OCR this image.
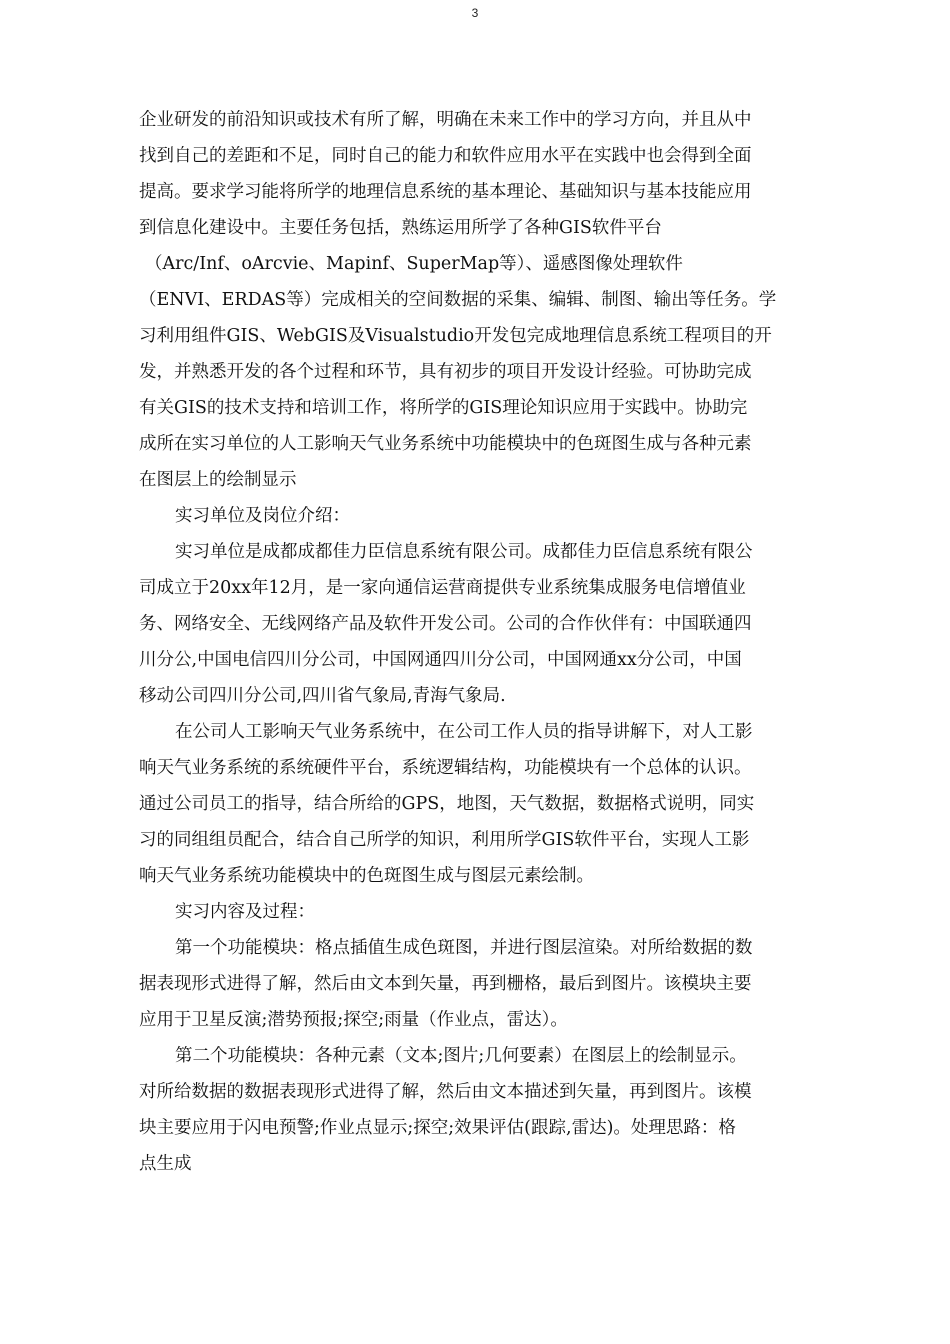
3
企业研发的前沿知识或技术有所了解，明确在未来工作中的学习方向，并且从中
找到自己的差距和不足，同时自己的能力和软件应用水平在实践中也会得到全面
提高。要求学习能将所学的地理信息系统的基本理论、基础知识与基本技能应用
到信息化建设中。主要任务包括，熟练运用所学了各种GIS软件平台
（Arc/Inf、oArcvie、Mapinf、SuperMap等）、遥感图像处理软件
（ENVI、ERDAS等）完成相关的空间数据的采集、编辑、制图、输出等任务。学
习利用组件GIS、WebGIS及Visualstudio开发包完成地理信息系统工程项目的开
发，并熟悉开发的各个过程和环节，具有初步的项目开发设计经验。可协助完成
有关GIS的技术支持和培训工作，将所学的GIS理论知识应用于实践中。协助完
成所在实习单位的人工影响天气业务系统中功能模块中的色斑图生成与各种元素
在图层上的绘制显示
实习单位及岗位介绍：
实习单位是成都成都佳力臣信息系统有限公司。成都佳力臣信息系统有限公
司成立于20xx年12月，是一家向通信运营商提供专业系统集成服务电信增值业
务、网络安全、无线网络产品及软件开发公司。公司的合作伙伴有：中国联通四
川分公,中国电信四川分公司，中国网通四川分公司，中国网通xx分公司，中国
移动公司四川分公司,四川省气象局,青海气象局.
在公司人工影响天气业务系统中，在公司工作人员的指导讲解下，对人工影
响天气业务系统的系统硬件平台，系统逻辑结构，功能模块有一个总体的认识。
通过公司员工的指导，结合所给的GPS，地图，天气数据，数据格式说明，同实
习的同组组员配合，结合自己所学的知识，利用所学GIS软件平台，实现人工影
响天气业务系统功能模块中的色斑图生成与图层元素绘制。
实习内容及过程：
第一个功能模块：格点插值生成色斑图，并进行图层渲染。对所给数据的数
据表现形式进得了解，然后由文本到矢量，再到栅格，最后到图片。该模块主要
应用于卫星反演;潜势预报;探空;雨量（作业点，雷达）。
第二个功能模块：各种元素（文本;图片;几何要素）在图层上的绘制显示。
对所给数据的数据表现形式进得了解，然后由文本描述到矢量，再到图片。该模
块主要应用于闪电预警;作业点显示;探空;效果评估(跟踪,雷达)。处理思路：格
点生成
